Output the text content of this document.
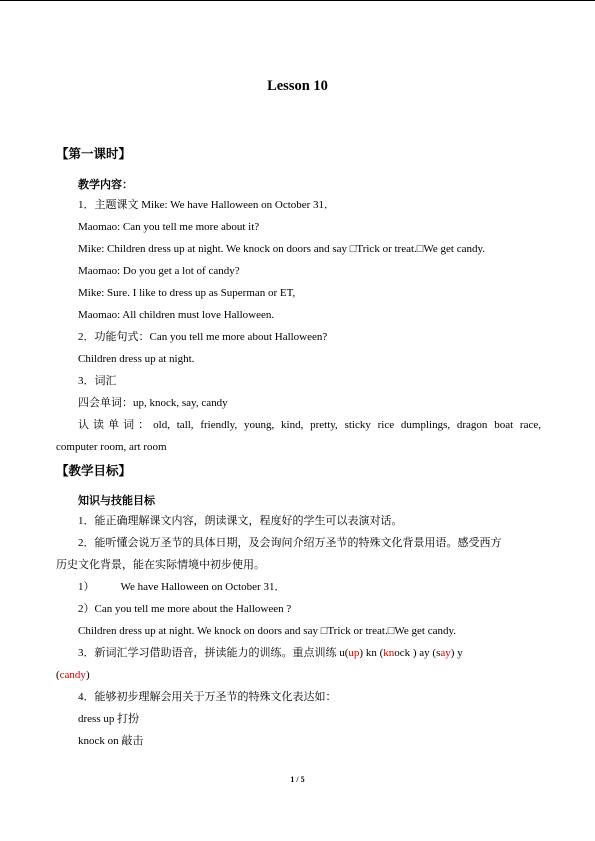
Lesson 10
【第一课时】
教学内容：
1．主题课文 Mike: We have Halloween on October 31．
Maomao: Can you tell me more about it?
Mike: Children dress up at night. We knock on doors and say □Trick or treat.□We get candy.
Maomao: Do you get a lot of candy?
Mike: Sure. I like to dress up as Superman or ET,
Maomao: All children must love Halloween.
2．功能句式：Can you tell me more about Halloween?
Children dress up at night.
3．词汇
四会单词：up, knock, say, candy
认读单词：old, tall, friendly, young, kind, pretty, sticky rice dumplings, dragon boat race,
computer room, art room
【教学目标】
知识与技能目标
1．能正确理解课文内容，朗读课文，程度好的学生可以表演对话。
2．能听懂会说万圣节的具体日期，及会询问介绍万圣节的特殊文化背景用语。感受西方
历史文化背景，能在实际情境中初步使用。
1） We have Halloween on October 31．
2）Can you tell me more about the Halloween ?
Children dress up at night. We knock on doors and say □Trick or treat.□We get candy.
3．新词汇学习借助语音，拼读能力的训练。重点训练 u(up) kn (knock ) ay (say) y
(candy)
4．能够初步理解会用关于万圣节的特殊文化表达如：
dress up 打扮
knock on 敲击
1 / 5
